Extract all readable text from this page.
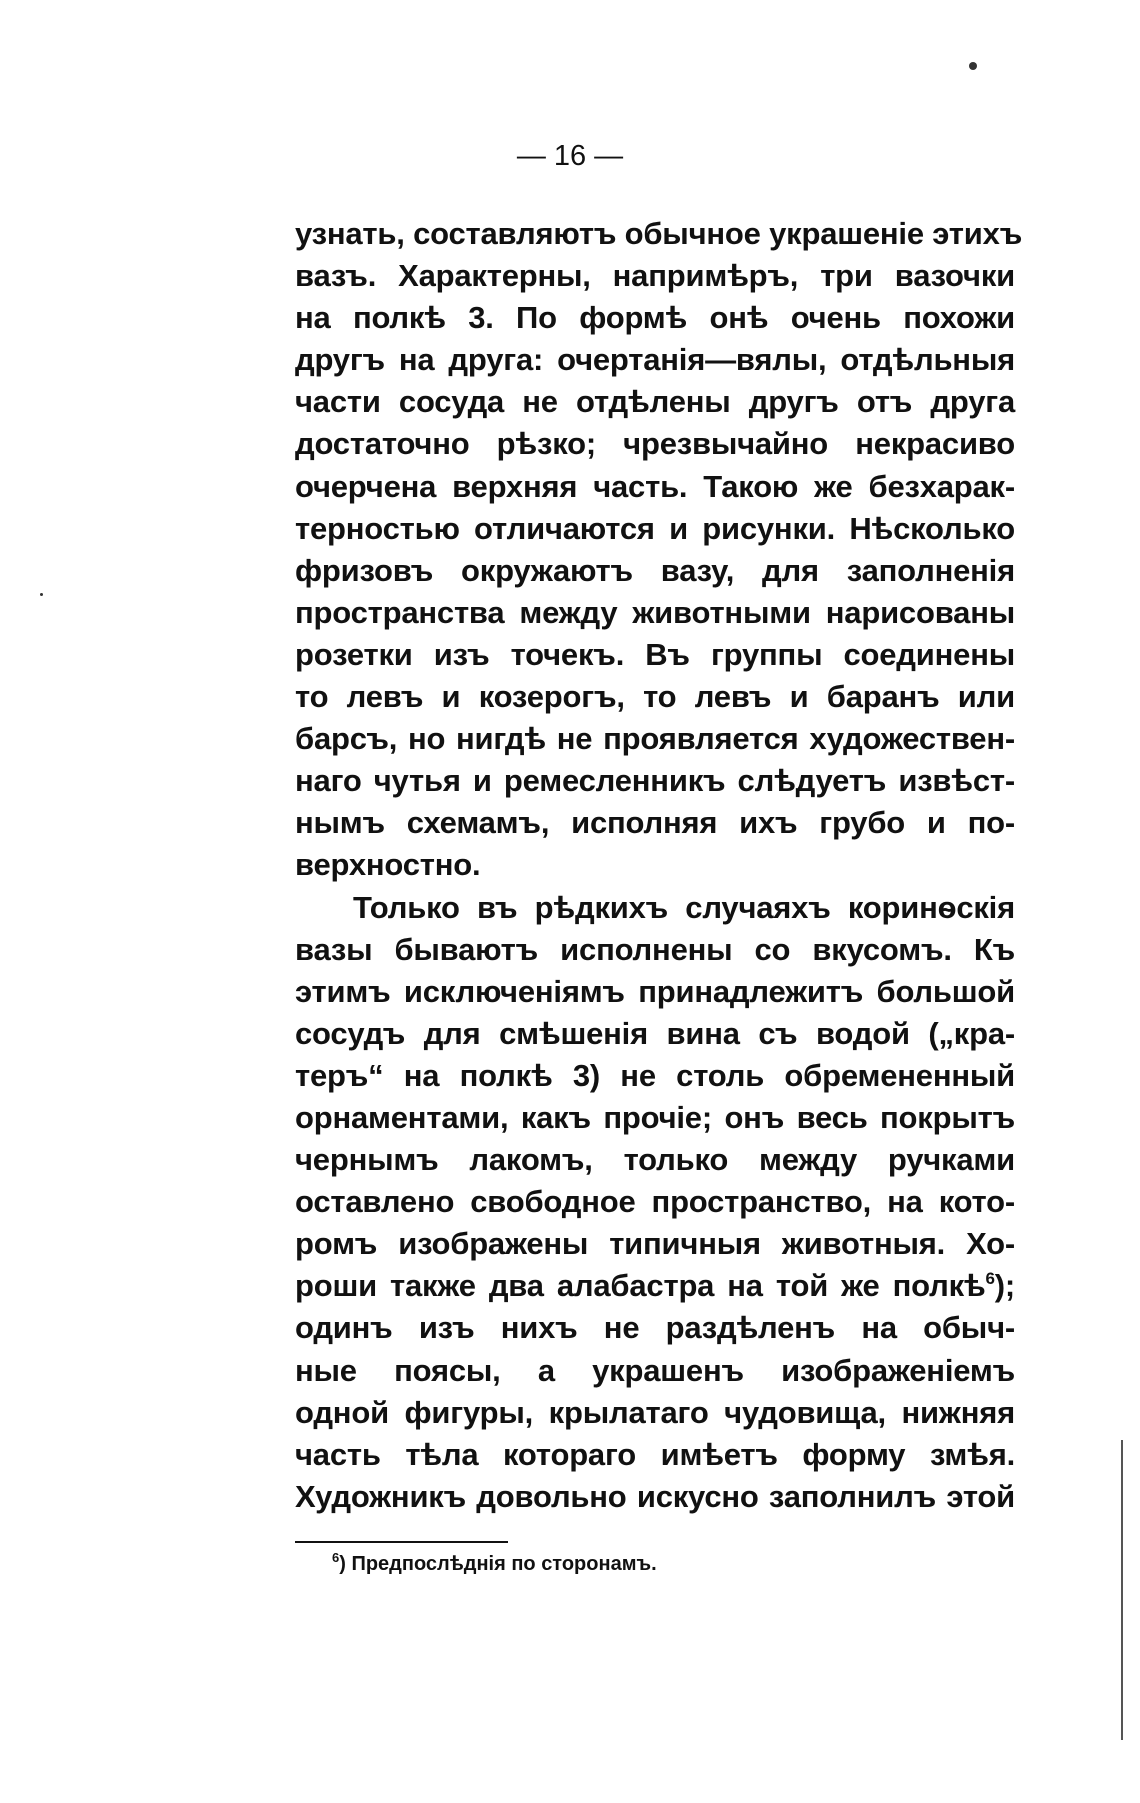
— 16 —
узнать, составляютъ обычное украшеніе этихъ
вазъ. Характерны, напримѣръ, три вазочки
на полкѣ 3. По формѣ онѣ очень похожи
другъ на друга: очертанія—вялы, отдѣльныя
части сосуда не отдѣлены другъ отъ друга
достаточно рѣзко; чрезвычайно некрасиво
очерчена верхняя часть. Такою же безхарак-
терностью отличаются и рисунки. Нѣсколько
фризовъ окружаютъ вазу, для заполненія
пространства между животными нарисованы
розетки изъ точекъ. Въ группы соединены
то левъ и козерогъ, то левъ и баранъ или
барсъ, но нигдѣ не проявляется художествен-
наго чутья и ремесленникъ слѣдуетъ извѣст-
нымъ схемамъ, исполняя ихъ грубо и по-
верхностно.
Только въ рѣдкихъ случаяхъ коринѳскія
вазы бываютъ исполнены со вкусомъ. Къ
этимъ исключеніямъ принадлежитъ большой
сосудъ для смѣшенія вина съ водой („кра-
теръ“ на полкѣ 3) не столь обремененный
орнаментами, какъ прочіе; онъ весь покрытъ
чернымъ лакомъ, только между ручками
оставлено свободное пространство, на кото-
ромъ изображены типичныя животныя. Хо-
роши также два алабастра на той же полкѣ$^6$);
одинъ изъ нихъ не раздѣленъ на обыч-
ные поясы, а украшенъ изображеніемъ
одной фигуры, крылатаго чудовища, нижняя
часть тѣла котораго имѣетъ форму змѣя.
Художникъ довольно искусно заполнилъ этой
$^6$) Предпослѣднія по сторонамъ.
